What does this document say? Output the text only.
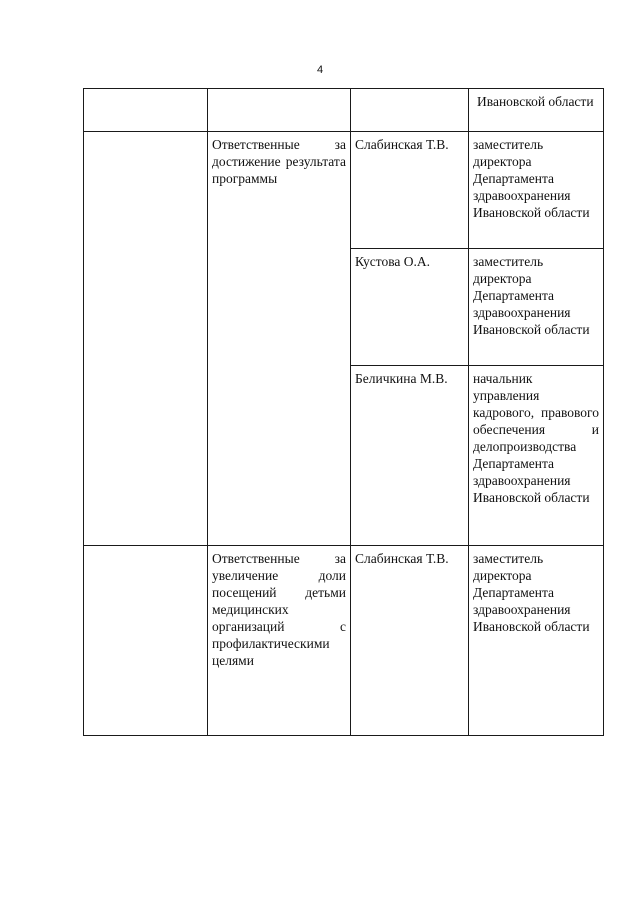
4

			Ивановской области

	Ответственные за достижение результата программы	Слабинская Т.В.	заместитель директора Департамента здравоохранения Ивановской области
		Кустова О.А.	заместитель директора Департамента здравоохранения Ивановской области
		Беличкина М.В.	начальник управления кадрового, правового обеспечения и делопроизводства Департамента здравоохранения Ивановской области
	Ответственные за увеличение доли посещений детьми медицинских организаций с профилактическими целями	Слабинская Т.В.	заместитель директора Департамента здравоохранения Ивановской области
